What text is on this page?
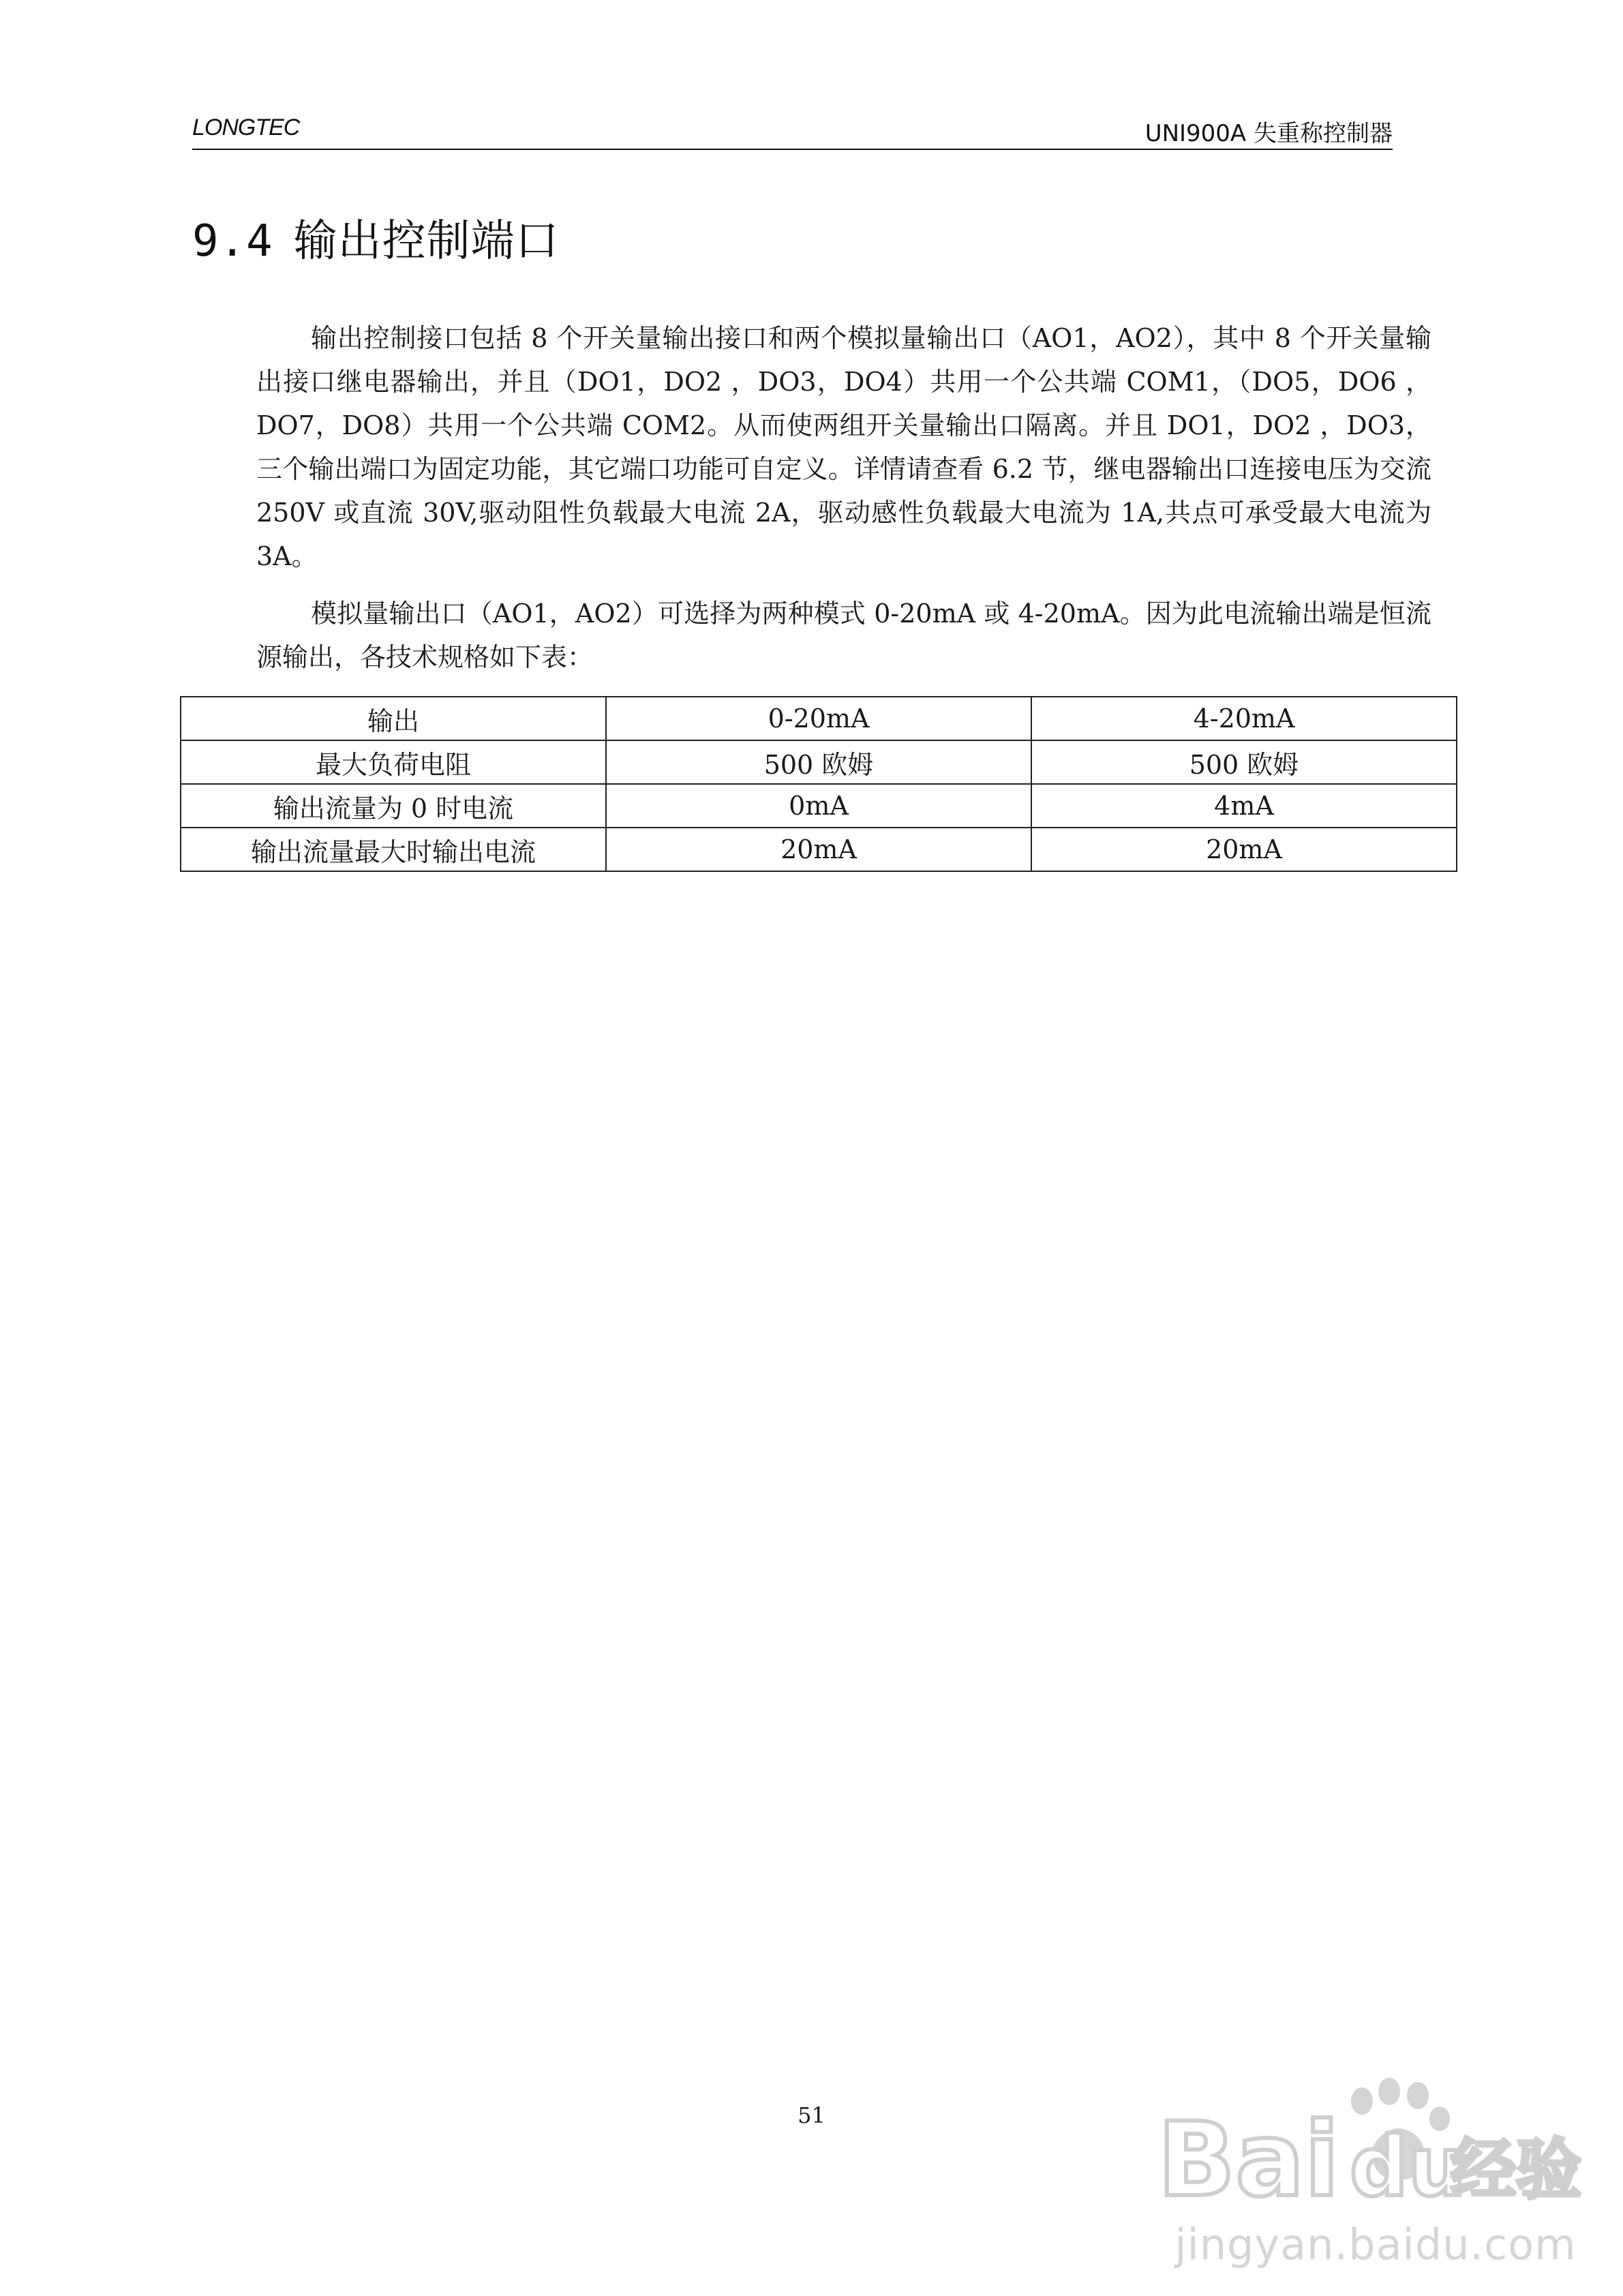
LONGTEC	UNI900A 失重称控制器
9.4 输出控制端口

输出控制接口包括 8 个开关量输出接口和两个模拟量输出口（AO1，AO2），其中 8 个开关量输出接口继电器输出，并且（DO1，DO2 ，DO3，DO4）共用一个公共端 COM1，（DO5，DO6 ，DO7，DO8）共用一个公共端 COM2。从而使两组开关量输出口隔离。并且 DO1，DO2 ，DO3，三个输出端口为固定功能，其它端口功能可自定义。详情请查看 6.2 节，继电器输出口连接电压为交流 250V 或直流 30V,驱动阻性负载最大电流 2A，驱动感性负载最大电流为 1A,共点可承受最大电流为 3A。

模拟量输出口（AO1，AO2）可选择为两种模式 0-20mA 或 4-20mA。因为此电流输出端是恒流源输出，各技术规格如下表：

输出	0-20mA	4-20mA
最大负荷电阻	500 欧姆	500 欧姆
输出流量为 0 时电流	0mA	4mA
输出流量最大时输出电流	20mA	20mA
51	Bai du
经验
jingyan.baidu.com
